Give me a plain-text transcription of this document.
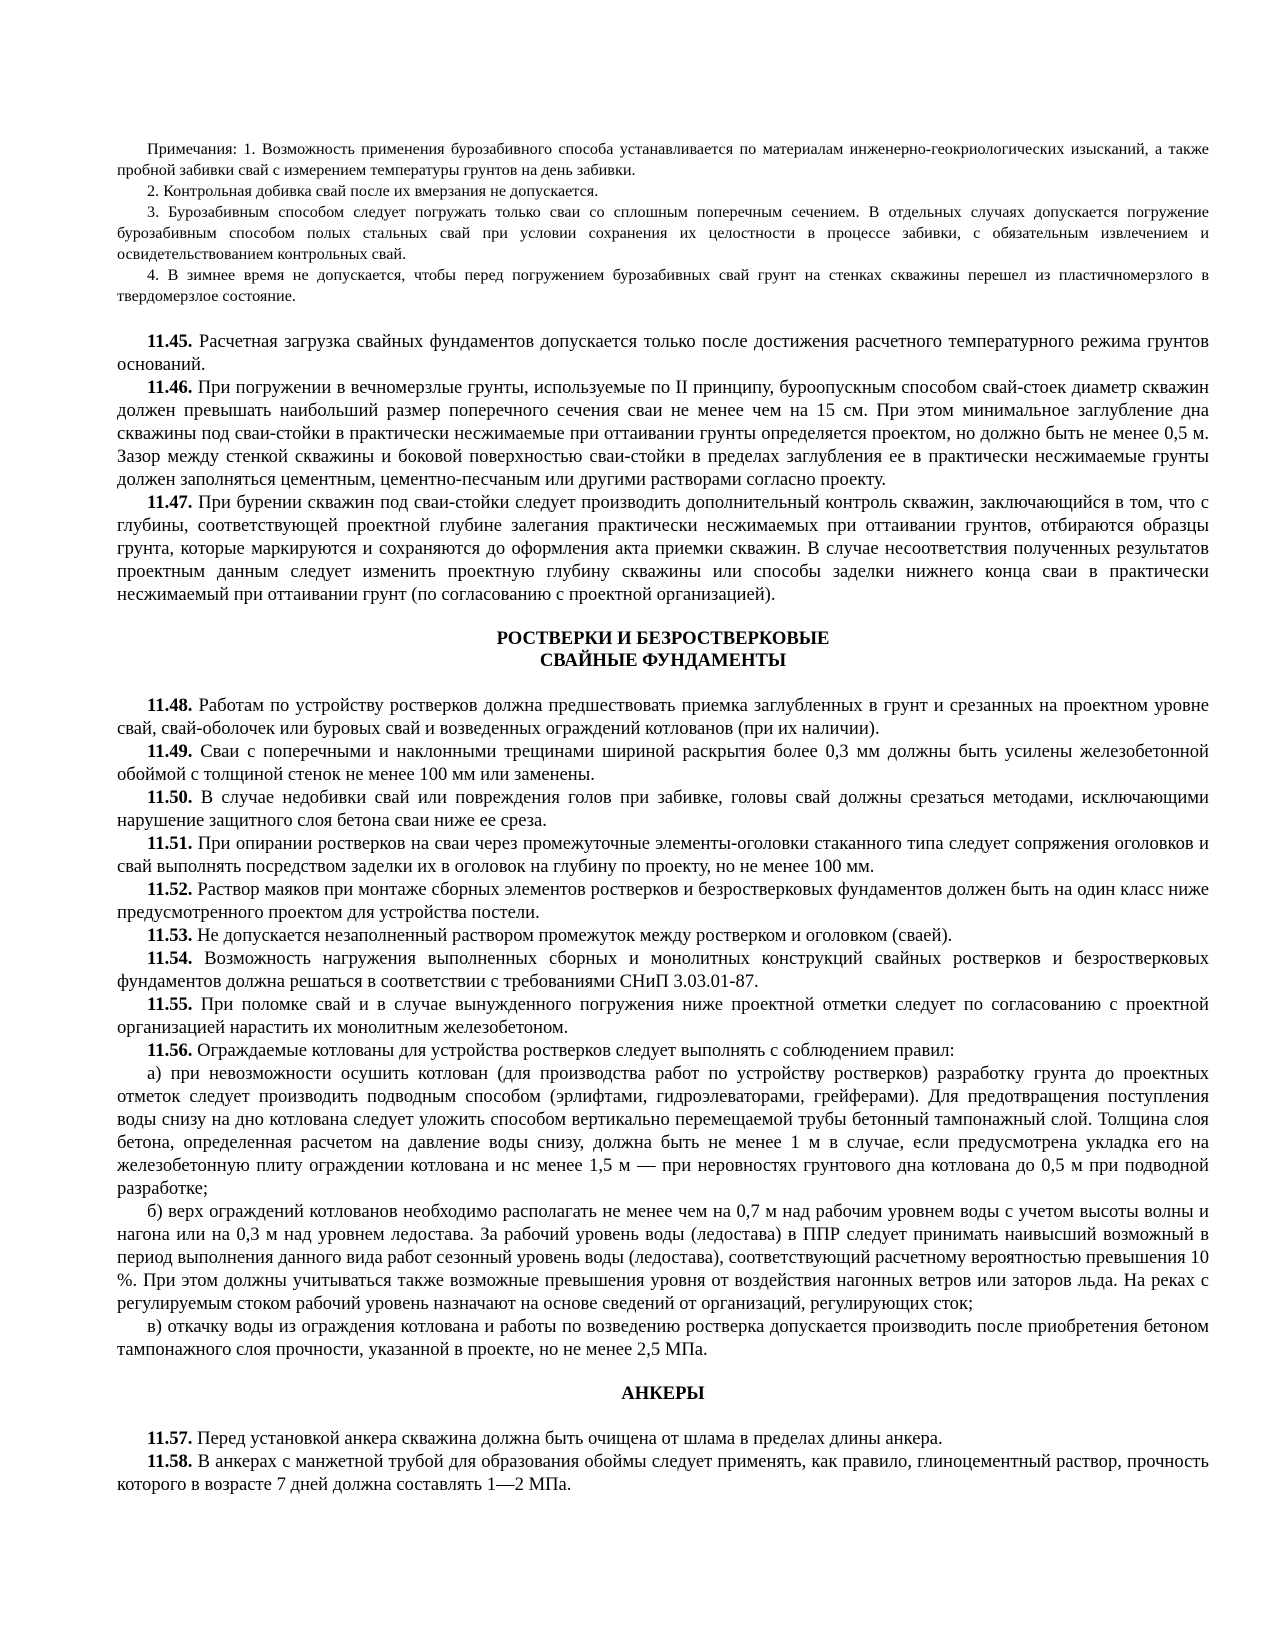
Примечания: 1. Возможность применения бурозабивного способа устанавливается по материалам инженерно-геокриологических изысканий, а также пробной забивки свай с измерением температуры грунтов на день забивки.

2. Контрольная добивка свай после их вмерзания не допускается.

3. Бурозабивным способом следует погружать только сваи со сплошным поперечным сечением. В отдельных случаях допускается погружение бурозабивным способом полых стальных свай при условии сохранения их целостности в процессе забивки, с обязательным извлечением и освидетельствованием контрольных свай.

4. В зимнее время не допускается, чтобы перед погружением бурозабивных свай грунт на стенках скважины перешел из пластичномерзлого в твердомерзлое состояние.

11.45. Расчетная загрузка свайных фундаментов допускается только после достижения расчетного температурного режима грунтов оснований.

11.46. При погружении в вечномерзлые грунты, используемые по II принципу, бурoопускным способом свай-стоек диаметр скважин должен превышать наибольший размер поперечного сечения сваи не менее чем на 15 см. При этом минимальное заглубление дна скважины под сваи-стойки в практически несжимаемые при оттаивании грунты определяется проектом, но должно быть не менее 0,5 м. Зазор между стенкой скважины и боковой поверхностью сваи-стойки в пределах заглубления ее в практически несжимаемые грунты должен заполняться цементным, цементно-песчаным или другими растворами согласно проекту.

11.47. При бурении скважин под сваи-стойки следует производить дополнительный контроль скважин, заключающийся в том, что с глубины, соответствующей проектной глубине залегания практически несжимаемых при оттаивании грунтов, отбираются образцы грунта, которые маркируются и сохраняются до оформления акта приемки скважин. В случае несоответствия полученных результатов проектным данным следует изменить проектную глубину скважины или способы заделки нижнего конца сваи в практически несжимаемый при оттаивании грунт (по согласованию с проектной организацией).

РОСТВЕРКИ И БЕЗРОСТВЕРКОВЫЕ
СВАЙНЫЕ ФУНДАМЕНТЫ

11.48. Работам по устройству ростверков должна предшествовать приемка заглубленных в грунт и срезанных на проектном уровне свай, свай-оболочек или буровых свай и возведенных ограждений котлованов (при их наличии).

11.49. Сваи с поперечными и наклонными трещинами шириной раскрытия более 0,3 мм должны быть усилены железобетонной обоймой с толщиной стенок не менее 100 мм или заменены.

11.50. В случае недобивки свай или повреждения голов при забивке, головы свай должны срезаться методами, исключающими нарушение защитного слоя бетона сваи ниже ее среза.

11.51. При опирании ростверков на сваи через промежуточные элементы-оголовки стаканного типа следует сопряжения оголовков и свай выполнять посредством заделки их в оголовок на глубину по проекту, но не менее 100 мм.

11.52. Раствор маяков при монтаже сборных элементов ростверков и безростверковых фундаментов должен быть на один класс ниже предусмотренного проектом для устройства постели.

11.53. Не допускается незаполненный раствором промежуток между ростверком и оголовком (сваей).

11.54. Возможность нагружения выполненных сборных и монолитных конструкций свайных ростверков и безростверковых фундаментов должна решаться в соответствии с требованиями СНиП 3.03.01-87.

11.55. При поломке свай и в случае вынужденного погружения ниже проектной отметки следует по согласованию с проектной организацией нарастить их монолитным железобетоном.

11.56. Ограждаемые котлованы для устройства ростверков следует выполнять с соблюдением правил:

а) при невозможности осушить котлован (для производства работ по устройству ростверков) разработку грунта до проектных отметок следует производить подводным способом (эрлифтами, гидроэлеваторами, грейферами). Для предотвращения поступления воды снизу на дно котлована следует уложить способом вертикально перемещаемой трубы бетонный тампонажный слой. Толщина слоя бетона, определенная расчетом на давление воды снизу, должна быть не менее 1 м в случае, если предусмотрена укладка его на железобетонную плиту ограждении котлована и нс менее 1,5 м — при неровностях грунтового дна котлована до 0,5 м при подводной разработке;

б) верх ограждений котлованов необходимо располагать не менее чем на 0,7 м над рабочим уровнем воды с учетом высоты волны и нагона или на 0,3 м над уровнем ледостава. За рабочий уровень воды (ледостава) в ППР следует принимать наивысший возможный в период выполнения данного вида работ сезонный уровень воды (ледостава), соответствующий расчетному вероятностью превышения 10 %. При этом должны учитываться также возможные превышения уровня от воздействия нагонных ветров или заторов льда. На реках с регулируемым стоком рабочий уровень назначают на основе сведений от организаций, регулирующих сток;

в) откачку воды из ограждения котлована и работы по возведению ростверка допускается производить после приобретения бетоном тампонажного слоя прочности, указанной в проекте, но не менее 2,5 МПа.

АНКЕРЫ

11.57. Перед установкой анкера скважина должна быть очищена от шлама в пределах длины анкера.

11.58. В анкерах с манжетной трубой для образования обоймы следует применять, как правило, глиноцементный раствор, прочность которого в возрасте 7 дней должна составлять 1—2 МПа.
